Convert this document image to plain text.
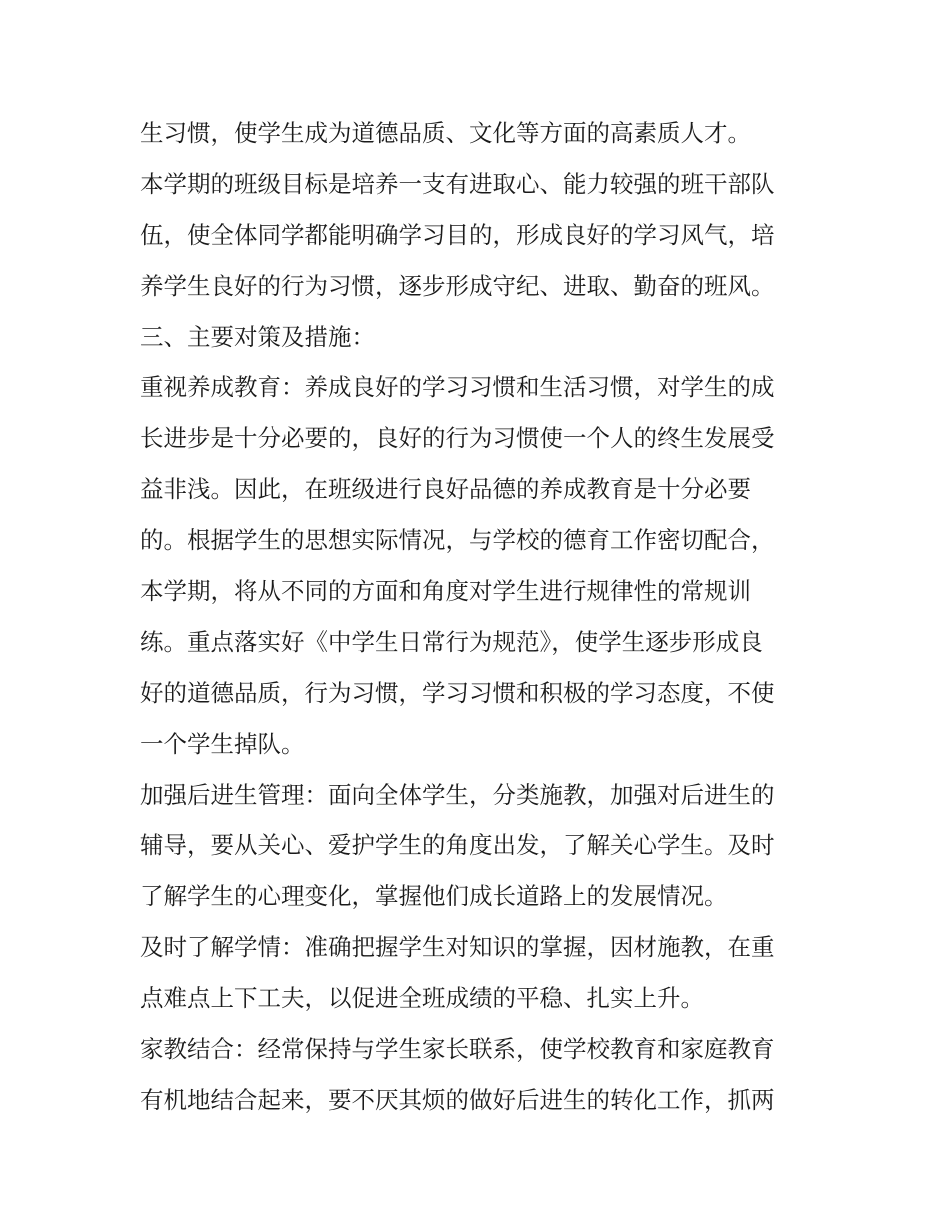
生习惯，使学生成为道德品质、文化等方面的高素质人才。
本学期的班级目标是培养一支有进取心、能力较强的班干部队
伍，使全体同学都能明确学习目的，形成良好的学习风气，培
养学生良好的行为习惯，逐步形成守纪、进取、勤奋的班风。
三、主要对策及措施：
重视养成教育：养成良好的学习习惯和生活习惯，对学生的成
长进步是十分必要的，良好的行为习惯使一个人的终生发展受
益非浅。因此，在班级进行良好品德的养成教育是十分必要
的。根据学生的思想实际情况，与学校的德育工作密切配合，
本学期，将从不同的方面和角度对学生进行规律性的常规训
练。重点落实好《中学生日常行为规范》，使学生逐步形成良
好的道德品质，行为习惯，学习习惯和积极的学习态度，不使
一个学生掉队。
加强后进生管理：面向全体学生，分类施教，加强对后进生的
辅导，要从关心、爱护学生的角度出发，了解关心学生。及时
了解学生的心理变化，掌握他们成长道路上的发展情况。
及时了解学情：准确把握学生对知识的掌握，因材施教，在重
点难点上下工夫，以促进全班成绩的平稳、扎实上升。
家教结合：经常保持与学生家长联系，使学校教育和家庭教育
有机地结合起来，要不厌其烦的做好后进生的转化工作，抓两
